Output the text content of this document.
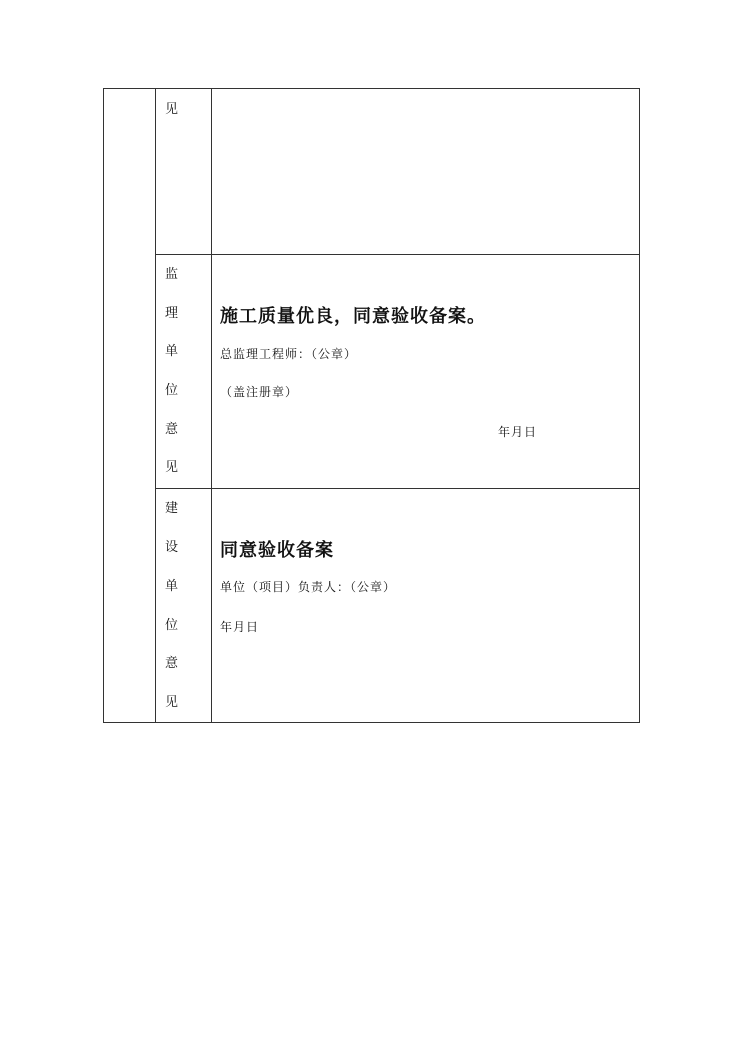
见
监
理
单
位
意
见
施工质量优良，同意验收备案。
总监理工程师：（公章）
（盖注册章）
年月日
建
设
单
位
意
见
同意验收备案
单位（项目）负责人：（公章）
年月日
